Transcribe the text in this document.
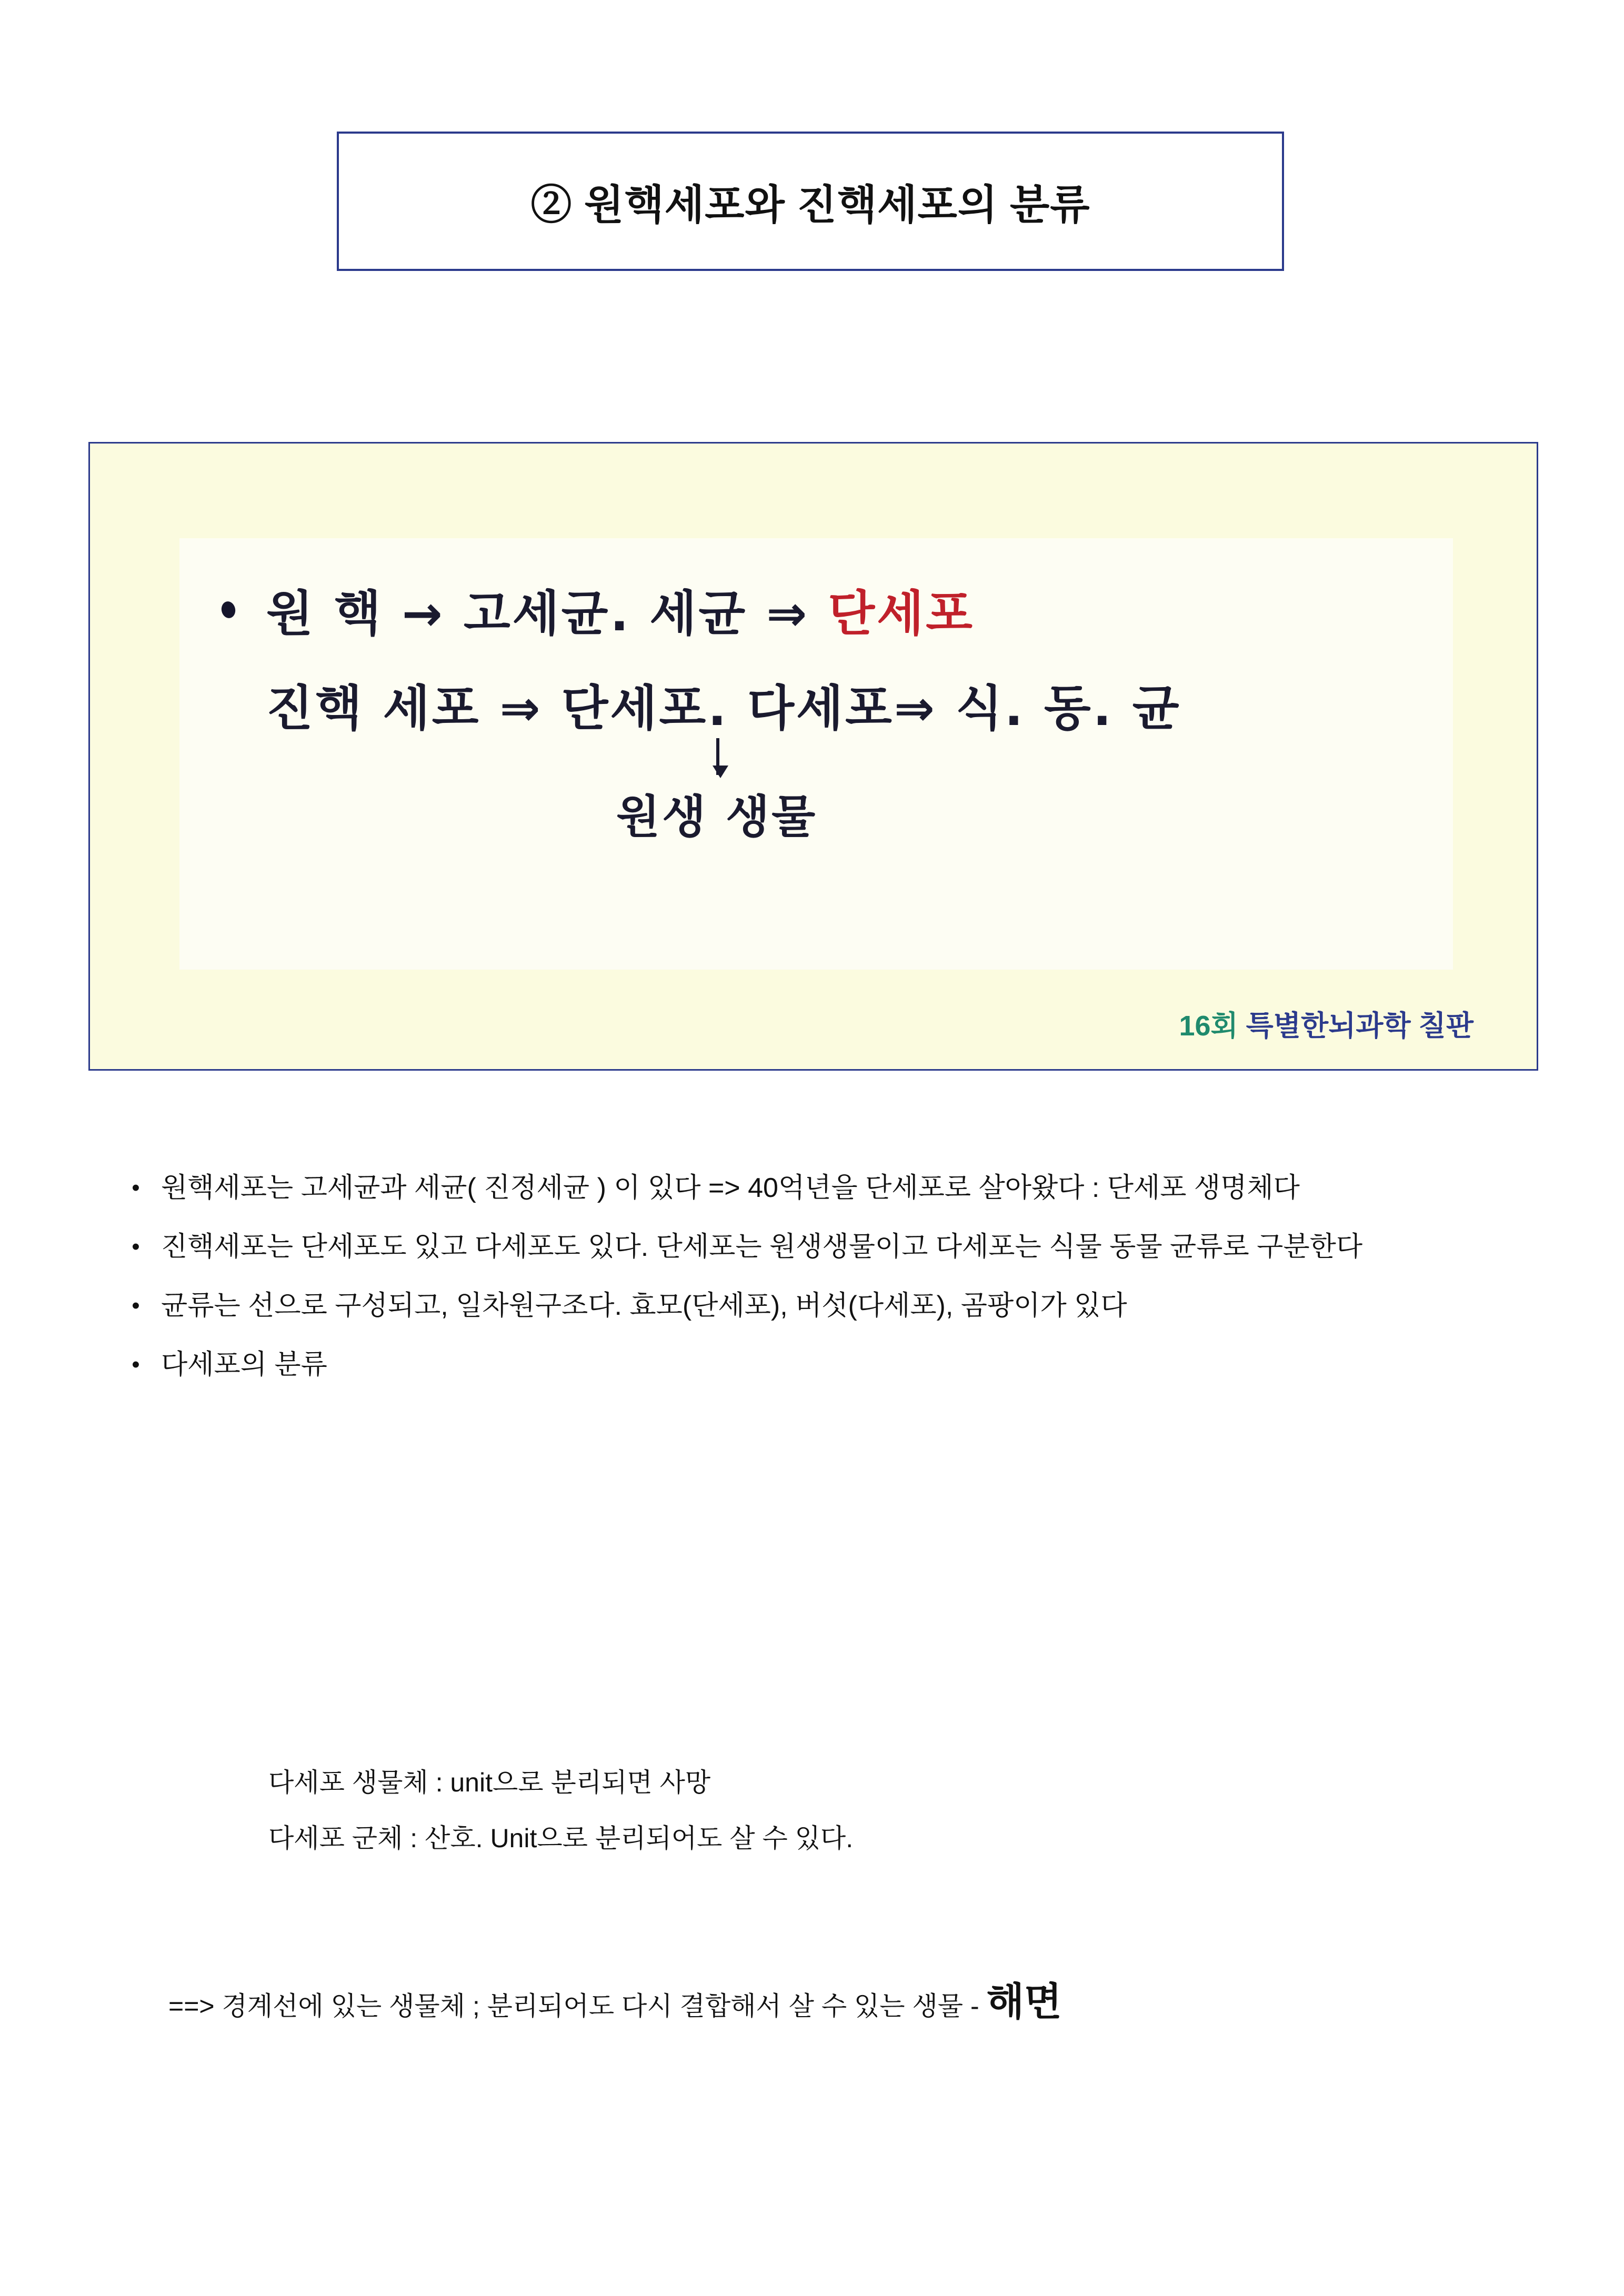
② 원핵세포와 진핵세포의 분류
원 핵 → 고세균. 세균 ⇒ 단세포
진핵 세포 ⇒ 단세포. 다세포⇒ 식. 동. 균
원생 생물
16회 특별한뇌과학 칠판
• 원핵세포는 고세균과 세균( 진정세균 ) 이 있다 => 40억년을 단세포로 살아왔다 : 단세포 생명체다
• 진핵세포는 단세포도 있고 다세포도 있다. 단세포는 원생생물이고 다세포는 식물 동물 균류로 구분한다
• 균류는 선으로 구성되고, 일차원구조다. 효모(단세포), 버섯(다세포), 곰팡이가 있다
• 다세포의 분류
다세포 생물체 : unit으로 분리되면 사망
다세포 군체 : 산호. Unit으로 분리되어도 살 수 있다.
==> 경계선에 있는 생물체 ; 분리되어도 다시 결합해서 살 수 있는 생물 - 해면
